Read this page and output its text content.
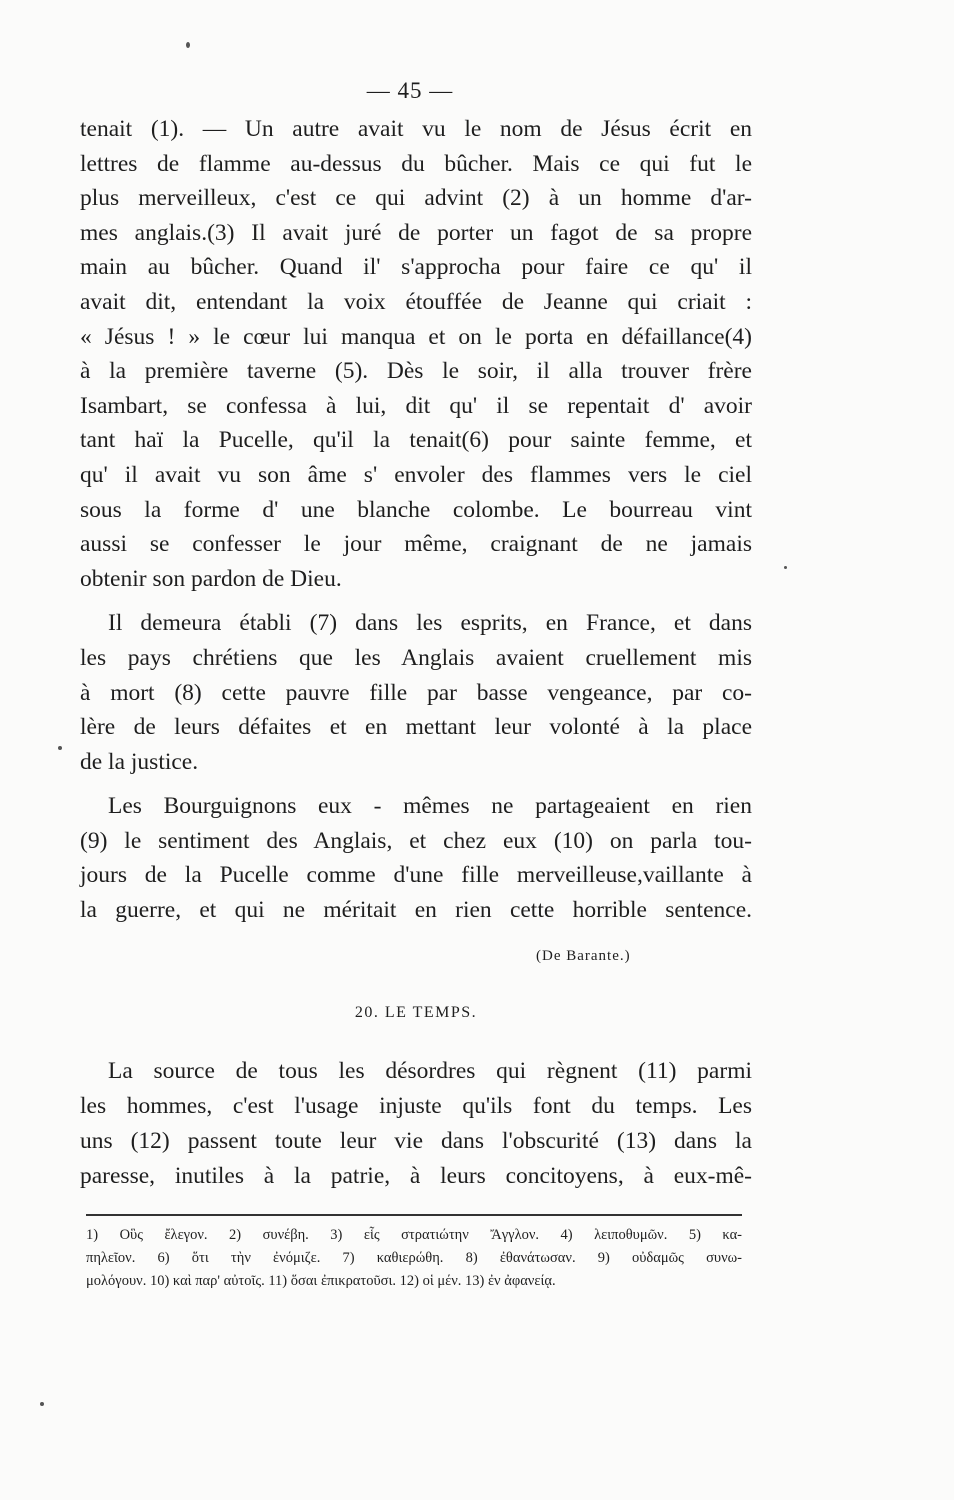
— 45 —

tenait (1). — Un autre avait vu le nom de Jésus écrit en
lettres de flamme au-dessus du bûcher. Mais ce qui fut le
plus merveilleux, c'est ce qui advint (2) à un homme d'ar-
mes anglais.(3) Il avait juré de porter un fagot de sa propre
main au bûcher. Quand il' s'approcha pour faire ce qu' il
avait dit, entendant la voix étouffée de Jeanne qui criait :
« Jésus ! » le cœur lui manqua et on le porta en défaillance(4)
à la première taverne (5). Dès le soir, il alla trouver frère
Isambart, se confessa à lui, dit qu' il se repentait d' avoir
tant haï la Pucelle, qu'il la tenait(6) pour sainte femme, et
qu' il avait vu son âme s' envoler des flammes vers le ciel
sous la forme d' une blanche colombe. Le bourreau vint
aussi se confesser le jour même, craignant de ne jamais
obtenir son pardon de Dieu.

Il demeura établi (7) dans les esprits, en France, et dans
les pays chrétiens que les Anglais avaient cruellement mis
à mort (8) cette pauvre fille par basse vengeance, par co-
lère de leurs défaites et en mettant leur volonté à la place
de la justice.

Les Bourguignons eux - mêmes ne partageaient en rien
(9) le sentiment des Anglais, et chez eux (10) on parla tou-
jours de la Pucelle comme d'une fille merveilleuse,vaillante à
la guerre, et qui ne méritait en rien cette horrible sentence.

(De Barante.)
20. LE TEMPS.
La source de tous les désordres qui règnent (11) parmi
les hommes, c'est l'usage injuste qu'ils font du temps. Les
uns (12) passent toute leur vie dans l'obscurité (13) dans la
paresse, inutiles à la patrie, à leurs concitoyens, à eux-mê-
1) Οὓς ἔλεγον. 2) συνέβη. 3) εἷς στρατιώτην Ἄγγλον. 4) λειποθυμῶν. 5) κα-
πηλεῖον. 6) ὅτι τὴν ἐνόμιζε. 7) καθιερώθη. 8) ἐθανάτωσαν. 9) οὐδαμῶς συνω-
μολόγουν. 10) καὶ παρ' αὐτοῖς. 11) ὅσαι ἐπικρατοῦσι. 12) οἱ μέν. 13) ἐν ἀφανείᾳ.
